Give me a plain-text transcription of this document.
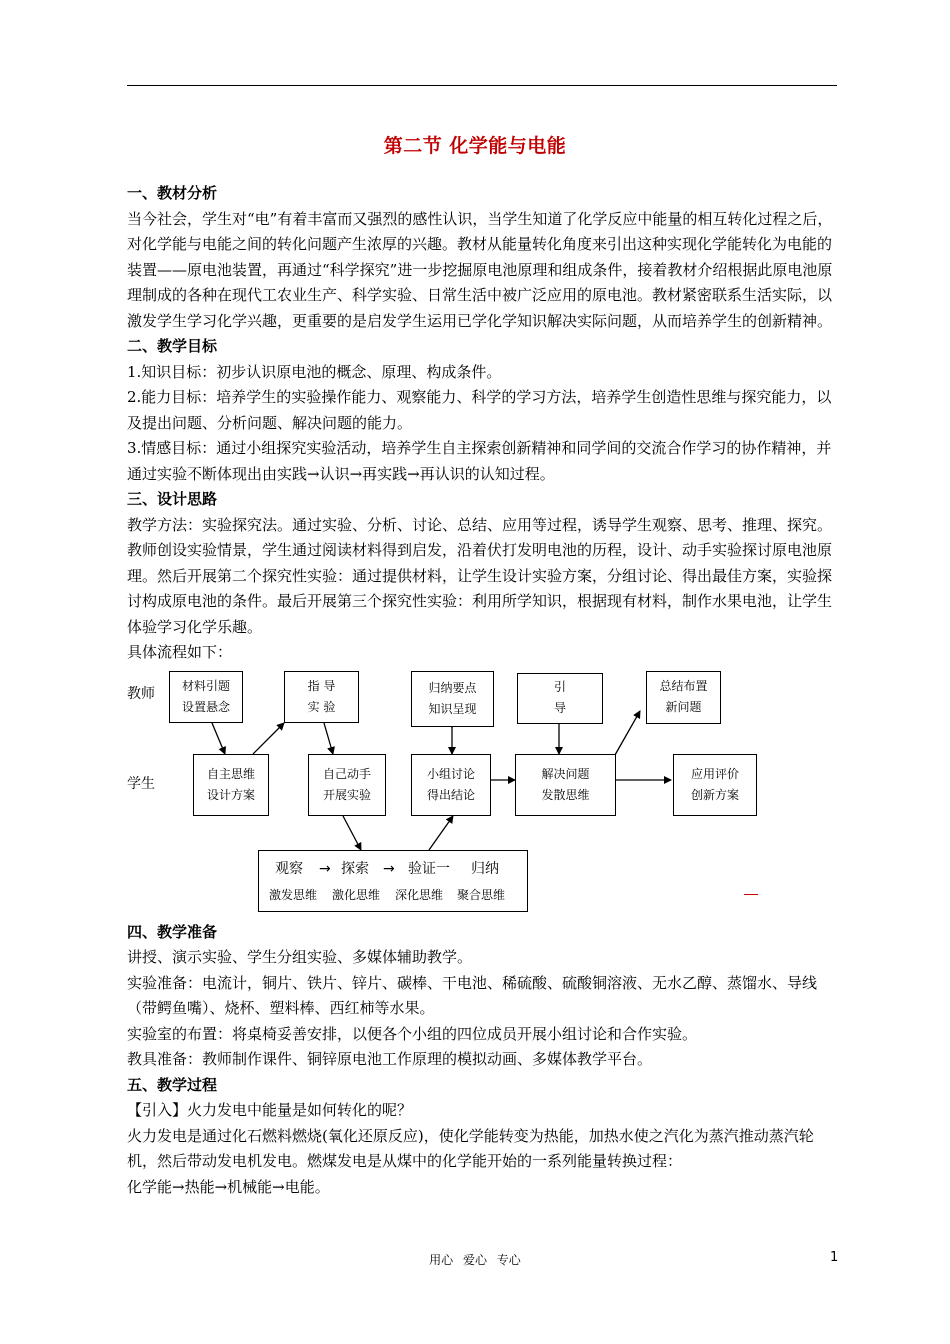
第二节 化学能与电能

一、教材分析

当今社会，学生对“电”有着丰富而又强烈的感性认识，当学生知道了化学反应中能量的相互转化过程之后，对化学能与电能之间的转化问题产生浓厚的兴趣。教材从能量转化角度来引出这种实现化学能转化为电能的装置——原电池装置，再通过“科学探究”进一步挖掘原电池原理和组成条件，接着教材介绍根据此原电池原理制成的各种在现代工农业生产、科学实验、日常生活中被广泛应用的原电池。教材紧密联系生活实际，以激发学生学习化学兴趣，更重要的是启发学生运用已学化学知识解决实际问题，从而培养学生的创新精神。

二、教学目标

1.知识目标：初步认识原电池的概念、原理、构成条件。

2.能力目标：培养学生的实验操作能力、观察能力、科学的学习方法，培养学生创造性思维与探究能力，以及提出问题、分析问题、解决问题的能力。

3.情感目标：通过小组探究实验活动，培养学生自主探索创新精神和同学间的交流合作学习的协作精神，并通过实验不断体现出由实践→认识→再实践→再认识的认知过程。

三、设计思路

教学方法：实验探究法。通过实验、分析、讨论、总结、应用等过程，诱导学生观察、思考、推理、探究。教师创设实验情景，学生通过阅读材料得到启发，沿着伏打发明电池的历程，设计、动手实验探讨原电池原理。然后开展第二个探究性实验：通过提供材料，让学生设计实验方案，分组讨论、得出最佳方案，实验探讨构成原电池的条件。最后开展第三个探究性实验：利用所学知识，根据现有材料，制作水果电池，让学生体验学习化学乐趣。

具体流程如下：

教师
学生
材料引题
设置悬念
指 导
实 验
归纳要点
知识呈现
引
导
总结布置
新问题
自主思维
设计方案
自己动手
开展实验
小组讨论
得出结论
解决问题
发散思维
应用评价
创新方案
观察 → 探索 → 验证一 归纳
激发思维 激化思维 深化思维 聚合思维

四、教学准备

讲授、演示实验、学生分组实验、多媒体辅助教学。

实验准备：电流计，铜片、铁片、锌片、碳棒、干电池、稀硫酸、硫酸铜溶液、无水乙醇、蒸馏水、导线（带鳄鱼嘴）、烧杯、塑料棒、西红柿等水果。

实验室的布置：将桌椅妥善安排，以便各个小组的四位成员开展小组讨论和合作实验。

教具准备：教师制作课件、铜锌原电池工作原理的模拟动画、多媒体教学平台。

五、教学过程

【引入】火力发电中能量是如何转化的呢？

火力发电是通过化石燃料燃烧(氧化还原反应)，使化学能转变为热能，加热水使之汽化为蒸汽推动蒸汽轮机，然后带动发电机发电。燃煤发电是从煤中的化学能开始的一系列能量转换过程：

化学能→热能→机械能→电能。

用心 爱心 专心	1
